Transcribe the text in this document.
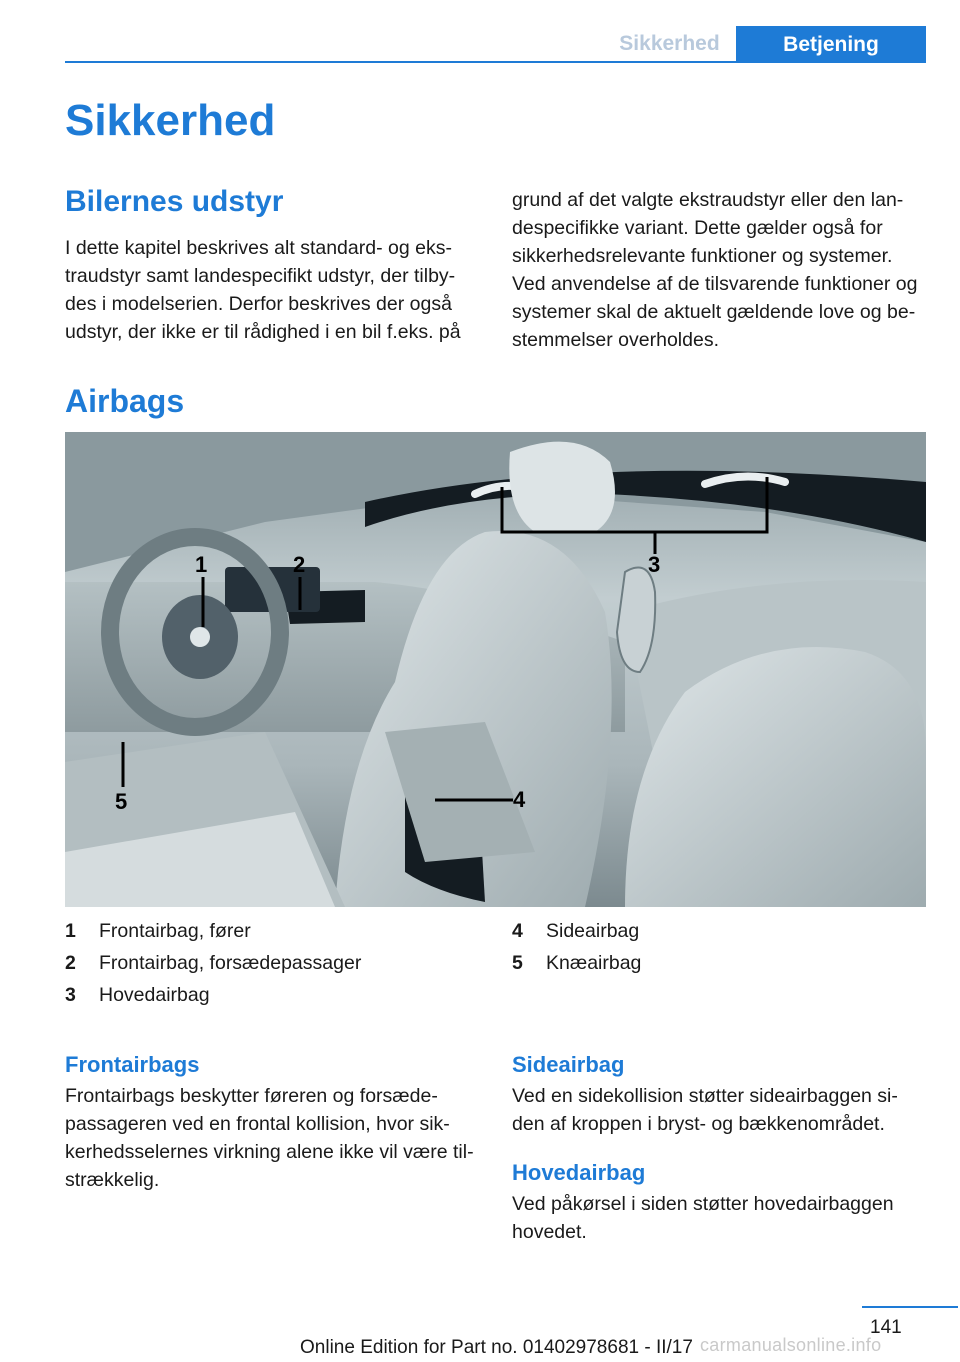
Sikkerhed	Betjening
Sikkerhed
Bilernes udstyr
I dette kapitel beskrives alt standard- og eks-traudstyr samt landespecifikt udstyr, der tilby-des i modelserien. Derfor beskrives der også udstyr, der ikke er til rådighed i en bil f.eks. på
grund af det valgte ekstraudstyr eller den lan-despecifikke variant. Dette gælder også for sikkerhedsrelevante funktioner og systemer. Ved anvendelse af de tilsvarende funktioner og systemer skal de aktuelt gældende love og be-stemmelser overholdes.
Airbags
1	2	3
4
5
1 Frontairbag, fører
2 Frontairbag, forsædepassager
3 Hovedairbag
4 Sideairbag
5 Knæairbag
Frontairbags
Frontairbags beskytter føreren og forsæde-passageren ved en frontal kollision, hvor sik-kerhedsselernes virkning alene ikke vil være til-strækkelig.
Sideairbag
Ved en sidekollision støtter sideairbaggen si-den af kroppen i bryst- og bækkenområdet.
Hovedairbag
Ved påkørsel i siden støtter hovedairbaggen hovedet.
141
Online Edition for Part no. 01402978681 - II/17 carmanualsonline.info
